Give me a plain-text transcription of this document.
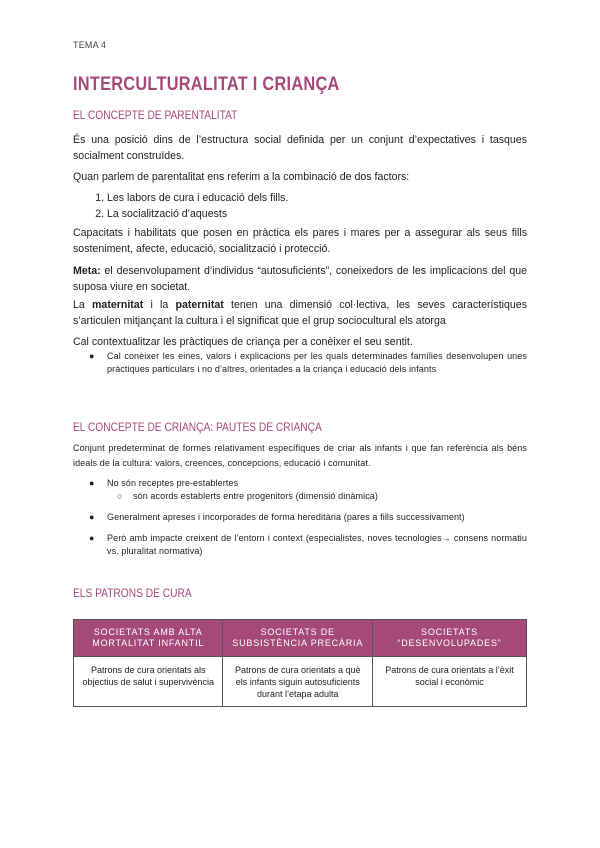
TEMA 4
INTERCULTURALITAT I CRIANÇA
EL CONCEPTE DE PARENTALITAT
És una posició dins de l’estructura social definida per un conjunt d’expectatives i tasques socialment construïdes.
Quan parlem de parentalitat ens referim a la combinació de dos factors:
1. Les labors de cura i educació dels fills.
2. La socialització d’aquests
Capacitats i habilitats que posen en pràctica els pares i mares per a assegurar als seus fills sosteniment, afecte, educació, socialització i protecció.
Meta: el desenvolupament d’individus “autosuficients”, coneixedors de les implicacions del que suposa viure en societat.
La maternitat i la paternitat tenen una dimensió col·lectiva, les seves característiques s’articulen mitjançant la cultura i el significat que el grup sociocultural els atorga
Cal contextualitzar les pràctiques de criança per a conèixer el seu sentit.
● Cal conèixer les eines, valors i explicacions per les quals determinades famílies desenvolupen unes pràctiques particulars i no d’altres, orientades a la criança i educació dels infants
EL CONCEPTE DE CRIANÇA: PAUTES DE CRIANÇA
Conjunt predeterminat de formes relativament específiques de criar als infants i que fan referència als béns ideals de la cultura: valors, creences, concepcions, educació i comunitat.
● No són receptes pre-establertes
○ són acords establerts entre progenitors (dimensió dinàmica)
● Generalment apreses i incorporades de forma hereditària (pares a fills successivament)
● Però amb impacte creixent de l’entorn i context (especialistes, noves tecnologies→ consens normatiu vs. pluralitat normativa)
ELS PATRONS DE CURA
SOCIETATS AMB ALTA MORTALITAT INFANTIL	SOCIETATS DE SUBSISTÈNCIA PRECÀRIA	SOCIETATS “DESENVOLUPADES”
Patrons de cura orientats als objectius de salut i supervivència	Patrons de cura orientats a què els infants siguin autosuficients durant l’etapa adulta	Patrons de cura orientats a l’èxit social i econòmic
